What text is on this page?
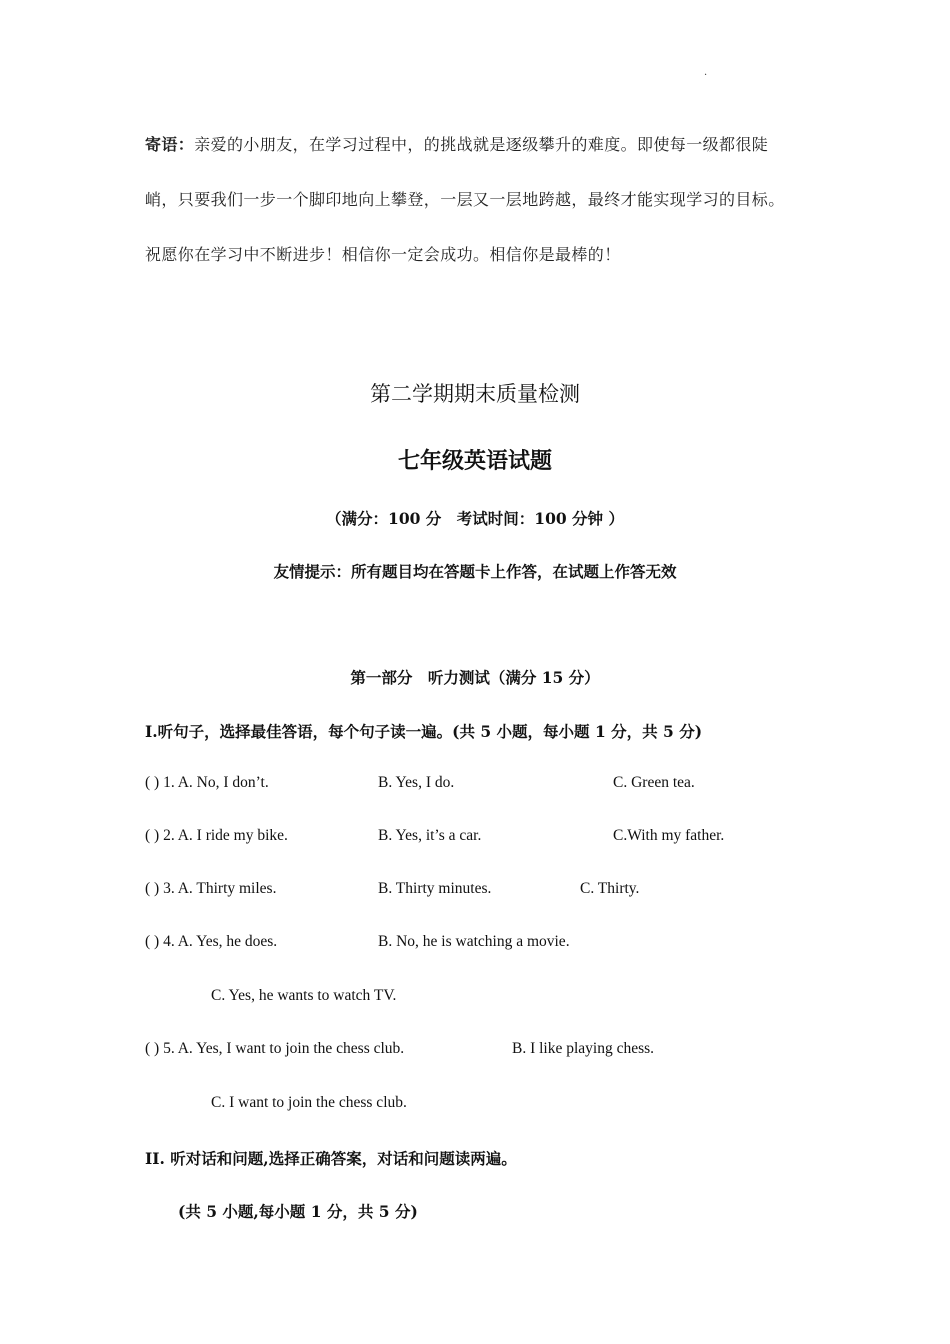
·
寄语：亲爱的小朋友，在学习过程中，的挑战就是逐级攀升的难度。即使每一级都很陡
峭，只要我们一步一个脚印地向上攀登，一层又一层地跨越，最终才能实现学习的目标。
祝愿你在学习中不断进步！相信你一定会成功。相信你是最棒的！
第二学期期末质量检测
七年级英语试题
（满分：100 分　考试时间：100 分钟 ）
友情提示：所有题目均在答题卡上作答，在试题上作答无效
第一部分　听力测试（满分 15 分）
I.听句子，选择最佳答语，每个句子读一遍。(共 5 小题，每小题 1 分，共 5 分)
( ) 1. A. No, I don’t.	B. Yes, I do.	C. Green tea.
( ) 2. A. I ride my bike.	B. Yes, it’s a car.	C.With my father.
( ) 3. A. Thirty miles.	B. Thirty minutes.	C. Thirty.
( ) 4. A. Yes, he does.	B. No, he is watching a movie.
C. Yes, he wants to watch TV.
( ) 5. A. Yes, I want to join the chess club.	B. I like playing chess.
C. I want to join the chess club.
II. 听对话和问题,选择正确答案，对话和问题读两遍。
(共 5 小题,每小题 1 分，共 5 分)
